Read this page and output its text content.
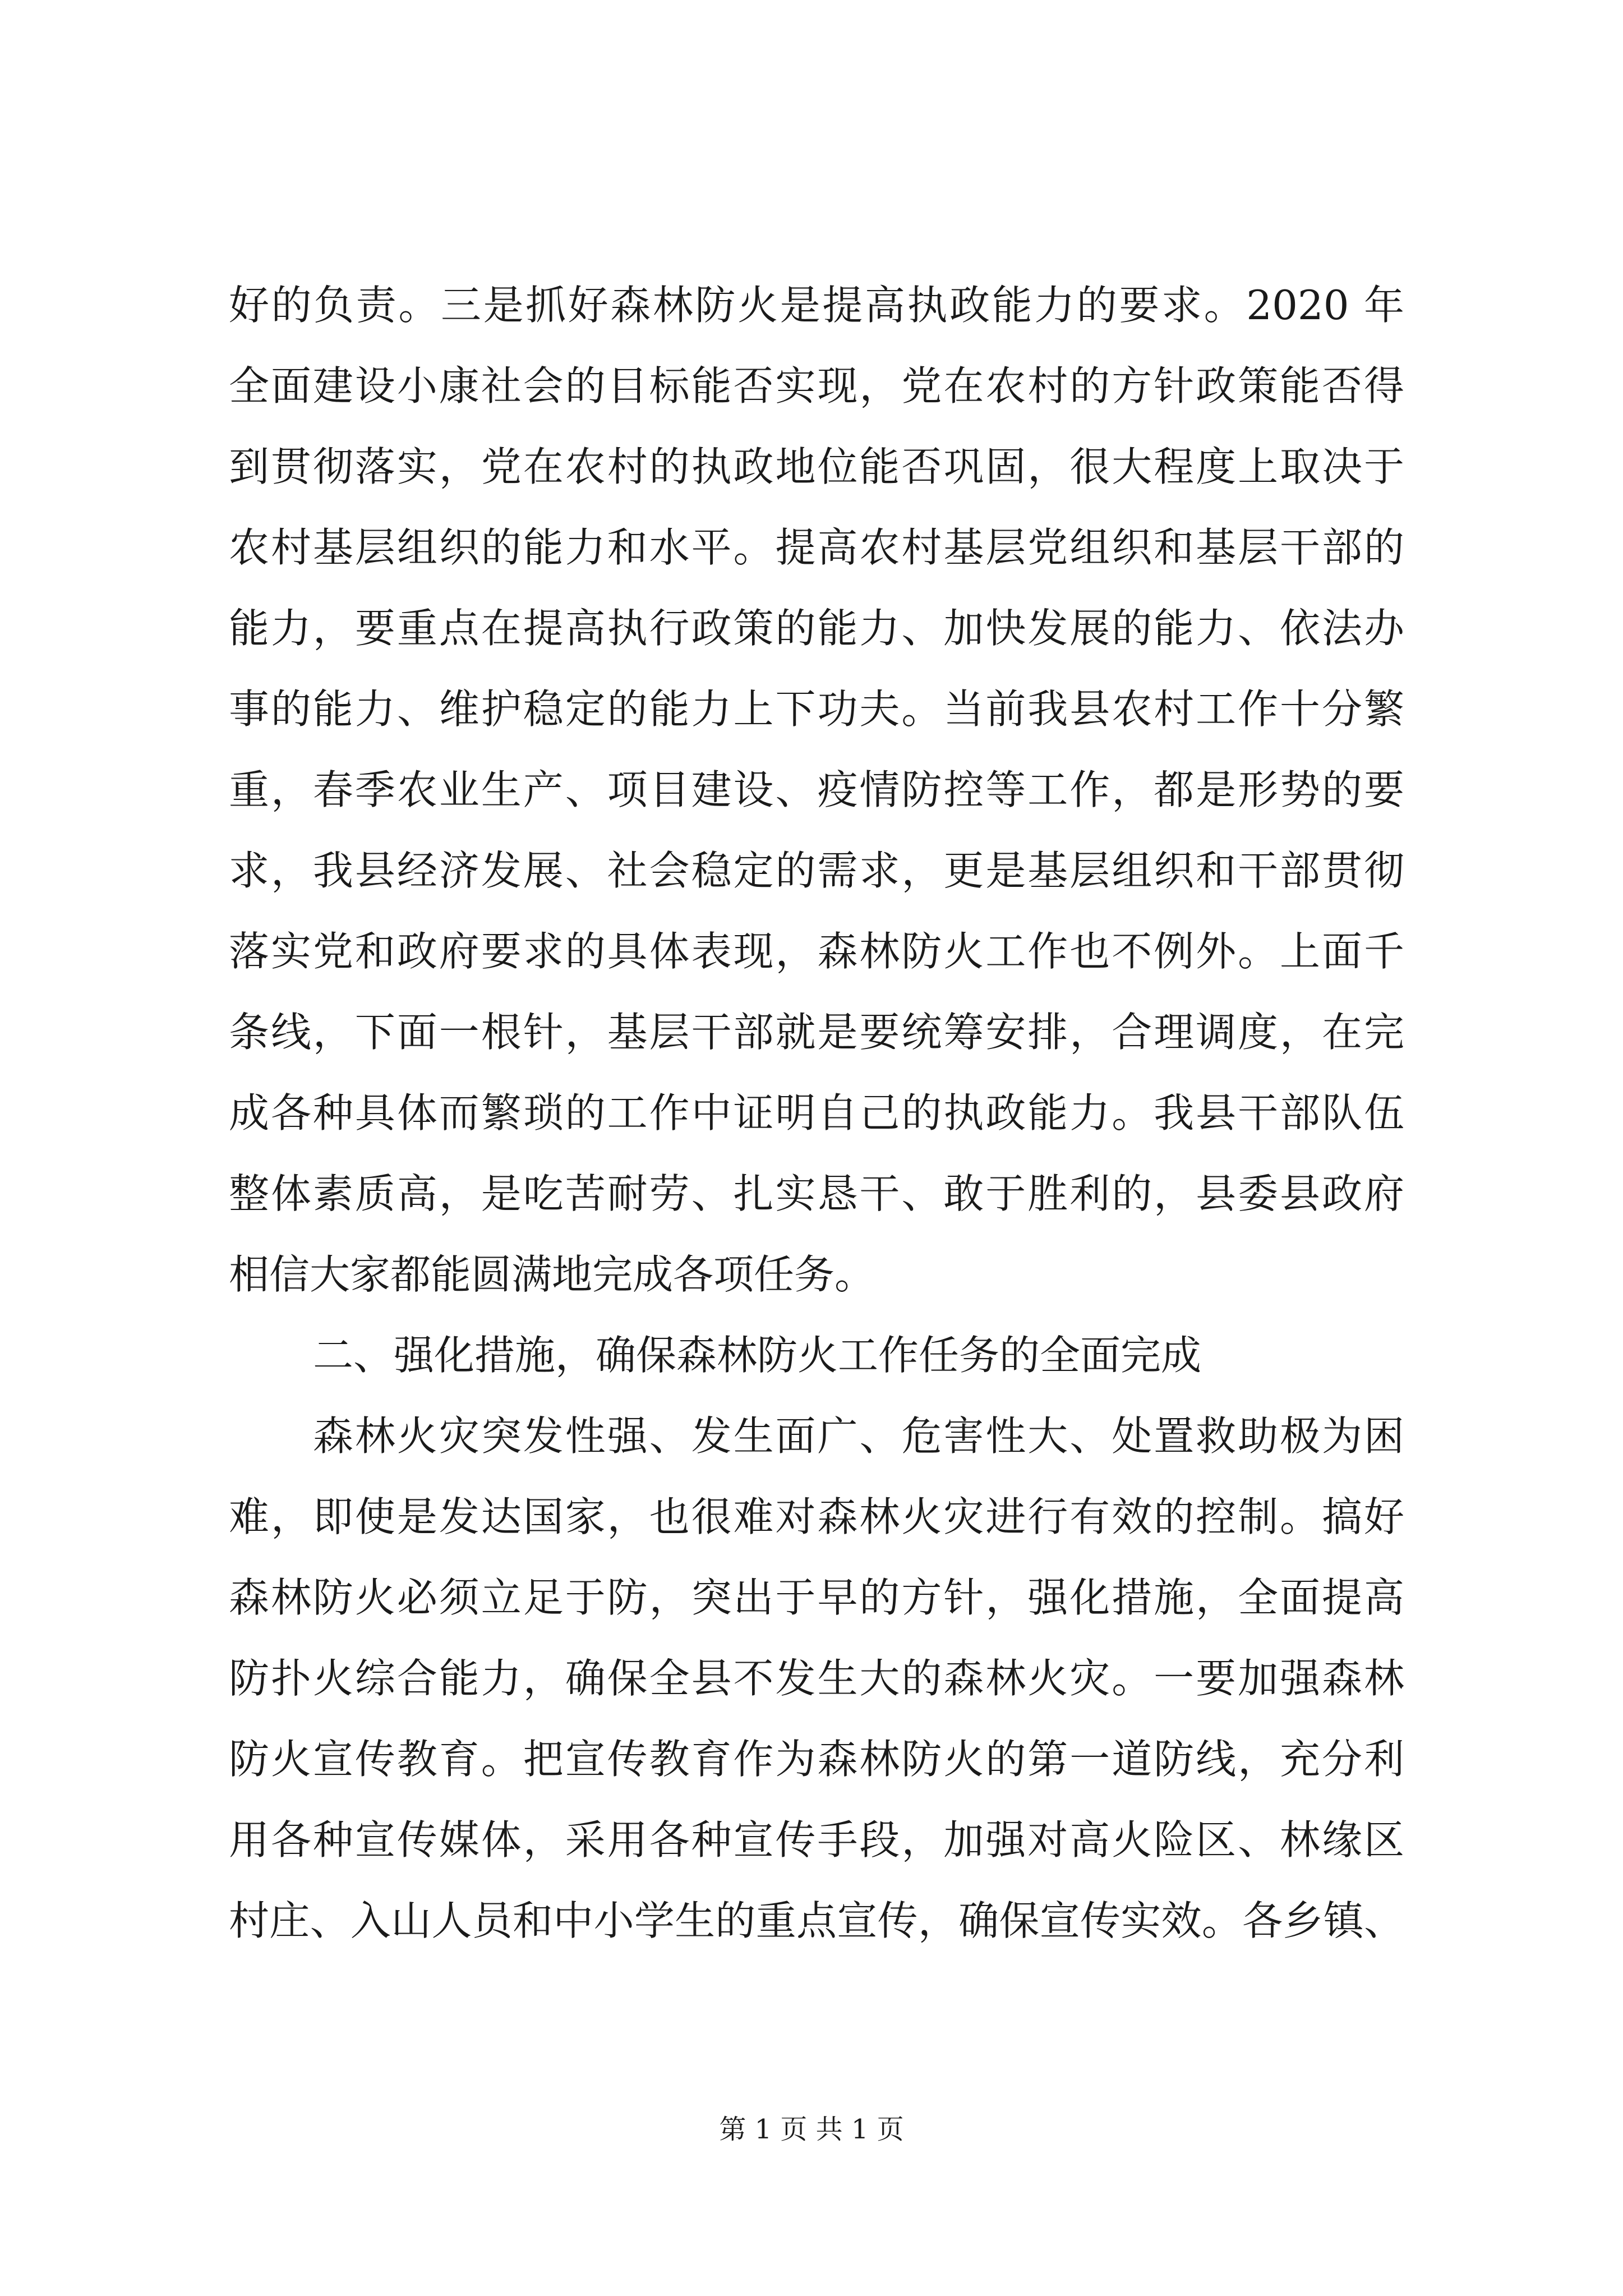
好的负责。三是抓好森林防火是提高执政能力的要求。2020 年
全面建设小康社会的目标能否实现，党在农村的方针政策能否得
到贯彻落实，党在农村的执政地位能否巩固，很大程度上取决于
农村基层组织的能力和水平。提高农村基层党组织和基层干部的
能力，要重点在提高执行政策的能力、加快发展的能力、依法办
事的能力、维护稳定的能力上下功夫。当前我县农村工作十分繁
重，春季农业生产、项目建设、疫情防控等工作，都是形势的要
求，我县经济发展、社会稳定的需求，更是基层组织和干部贯彻
落实党和政府要求的具体表现，森林防火工作也不例外。上面千
条线，下面一根针，基层干部就是要统筹安排，合理调度，在完
成各种具体而繁琐的工作中证明自己的执政能力。我县干部队伍
整体素质高，是吃苦耐劳、扎实恳干、敢于胜利的，县委县政府
相信大家都能圆满地完成各项任务。
二、强化措施，确保森林防火工作任务的全面完成
森林火灾突发性强、发生面广、危害性大、处置救助极为困
难，即使是发达国家，也很难对森林火灾进行有效的控制。搞好
森林防火必须立足于防，突出于早的方针，强化措施，全面提高
防扑火综合能力，确保全县不发生大的森林火灾。一要加强森林
防火宣传教育。把宣传教育作为森林防火的第一道防线，充分利
用各种宣传媒体，采用各种宣传手段，加强对高火险区、林缘区
村庄、入山人员和中小学生的重点宣传，确保宣传实效。各乡镇、
第 1 页 共 1 页
